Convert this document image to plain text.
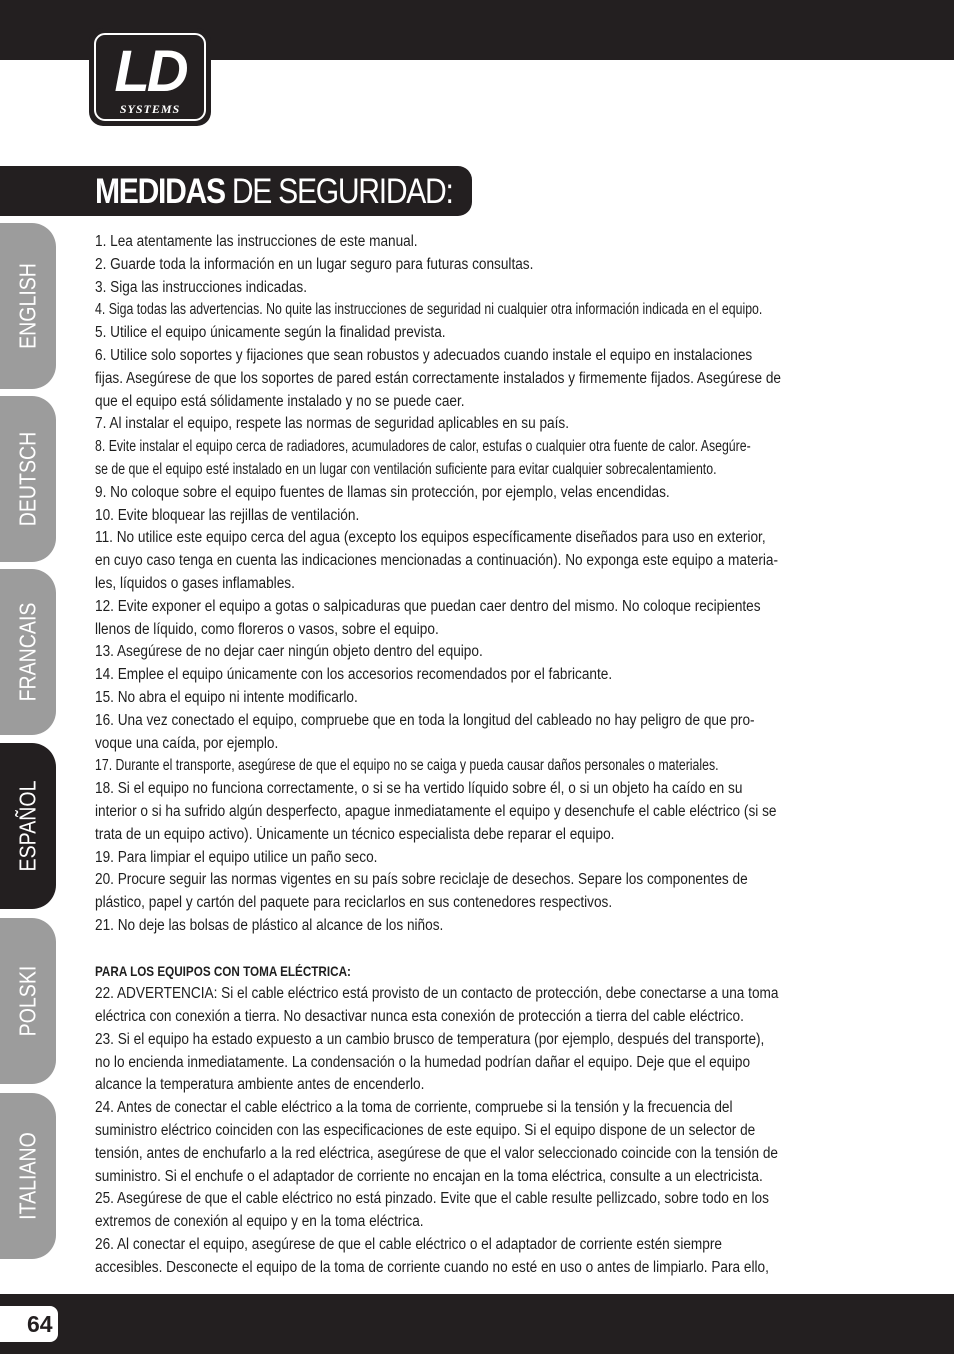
LD
SYSTEMS
MEDIDAS DE SEGURIDAD:
ENGLISH
DEUTSCH
FRANCAIS
ESPAÑOL
POLSKI
ITALIANO

1. Lea atentamente las instrucciones de este manual.

2. Guarde toda la información en un lugar seguro para futuras consultas.

3. Siga las instrucciones indicadas.

4. Siga todas las advertencias. No quite las instrucciones de seguridad ni cualquier otra información indicada en el equipo.

5. Utilice el equipo únicamente según la finalidad prevista.

6. Utilice solo soportes y fijaciones que sean robustos y adecuados cuando instale el equipo en instalaciones

fijas. Asegúrese de que los soportes de pared están correctamente instalados y firmemente fijados. Asegúrese de

que el equipo está sólidamente instalado y no se puede caer.

7. Al instalar el equipo, respete las normas de seguridad aplicables en su país.

8. Evite instalar el equipo cerca de radiadores, acumuladores de calor, estufas o cualquier otra fuente de calor. Asegúre-

se de que el equipo esté instalado en un lugar con ventilación suficiente para evitar cualquier sobrecalentamiento.

9. No coloque sobre el equipo fuentes de llamas sin protección, por ejemplo, velas encendidas.

10. Evite bloquear las rejillas de ventilación.

11. No utilice este equipo cerca del agua (excepto los equipos específicamente diseñados para uso en exterior,

en cuyo caso tenga en cuenta las indicaciones mencionadas a continuación). No exponga este equipo a materia-

les, líquidos o gases inflamables.

12. Evite exponer el equipo a gotas o salpicaduras que puedan caer dentro del mismo. No coloque recipientes

llenos de líquido, como floreros o vasos, sobre el equipo.

13. Asegúrese de no dejar caer ningún objeto dentro del equipo.

14. Emplee el equipo únicamente con los accesorios recomendados por el fabricante.

15. No abra el equipo ni intente modificarlo.

16. Una vez conectado el equipo, compruebe que en toda la longitud del cableado no hay peligro de que pro-

voque una caída, por ejemplo.

17. Durante el transporte, asegúrese de que el equipo no se caiga y pueda causar daños personales o materiales.

18. Si el equipo no funciona correctamente, o si se ha vertido líquido sobre él, o si un objeto ha caído en su

interior o si ha sufrido algún desperfecto, apague inmediatamente el equipo y desenchufe el cable eléctrico (si se

trata de un equipo activo). Únicamente un técnico especialista debe reparar el equipo.

19. Para limpiar el equipo utilice un paño seco.

20. Procure seguir las normas vigentes en su país sobre reciclaje de desechos. Separe los componentes de

plástico, papel y cartón del paquete para reciclarlos en sus contenedores respectivos.

21. No deje las bolsas de plástico al alcance de los niños.

PARA LOS EQUIPOS CON TOMA ELÉCTRICA:

22. ADVERTENCIA: Si el cable eléctrico está provisto de un contacto de protección, debe conectarse a una toma

eléctrica con conexión a tierra. No desactivar nunca esta conexión de protección a tierra del cable eléctrico.

23. Si el equipo ha estado expuesto a un cambio brusco de temperatura (por ejemplo, después del transporte),

no lo encienda inmediatamente. La condensación o la humedad podrían dañar el equipo. Deje que el equipo

alcance la temperatura ambiente antes de encenderlo.

24. Antes de conectar el cable eléctrico a la toma de corriente, compruebe si la tensión y la frecuencia del

suministro eléctrico coinciden con las especificaciones de este equipo. Si el equipo dispone de un selector de

tensión, antes de enchufarlo a la red eléctrica, asegúrese de que el valor seleccionado coincide con la tensión de

suministro. Si el enchufe o el adaptador de corriente no encajan en la toma eléctrica, consulte a un electricista.

25. Asegúrese de que el cable eléctrico no está pinzado. Evite que el cable resulte pellizcado, sobre todo en los

extremos de conexión al equipo y en la toma eléctrica.

26. Al conectar el equipo, asegúrese de que el cable eléctrico o el adaptador de corriente estén siempre

accesibles. Desconecte el equipo de la toma de corriente cuando no esté en uso o antes de limpiarlo. Para ello,

64
